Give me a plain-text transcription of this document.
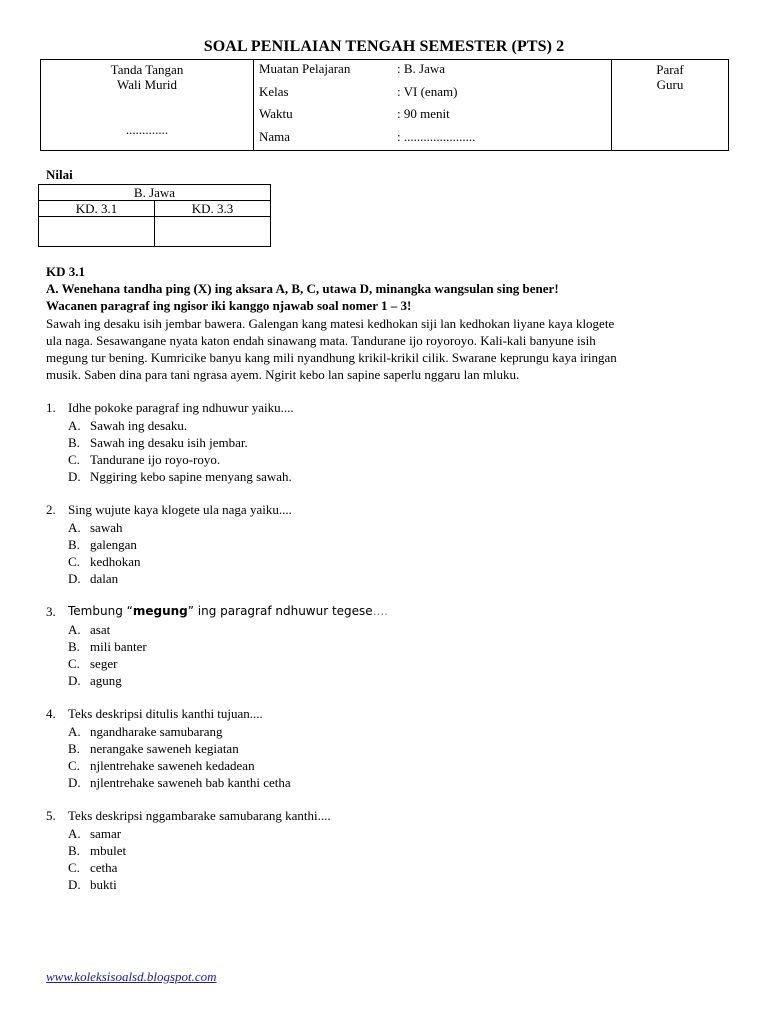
SOAL PENILAIAN TENGAH SEMESTER (PTS) 2
Tanda Tangan
Wali Murid
.............

Muatan Pelajaran	: B. Jawa
Kelas	: VI (enam)
Waktu	: 90 menit
Nama	: ......................

Paraf
Guru
Nilai
B. Jawa	
KD. 3.1	KD. 3.3

KD 3.1
A. Wenehana tandha ping (X) ing aksara A, B, C, utawa D, minangka wangsulan sing bener!
Wacanen paragraf ing ngisor iki kanggo njawab soal nomer 1 – 3!
Sawah ing desaku isih jembar bawera. Galengan kang matesi kedhokan siji lan kedhokan liyane kaya klogete
ula naga. Sesawangane nyata katon endah sinawang mata. Tandurane ijo royoroyo. Kali-kali banyune isih
megung tur bening. Kumricike banyu kang mili nyandhung krikil-krikil cilik. Swarane keprungu kaya iringan
musik. Saben dina para tani ngrasa ayem. Ngirit kebo lan sapine saperlu nggaru lan mluku.
1. Idhe pokoke paragraf ing ndhuwur yaiku....
A. Sawah ing desaku.
B. Sawah ing desaku isih jembar.
C. Tandurane ijo royo-royo.
D. Nggiring kebo sapine menyang sawah.
2. Sing wujute kaya klogete ula naga yaiku....
A. sawah
B. galengan
C. kedhokan
D. dalan
3.	Tembung “megung” ing paragraf ndhuwur tegese....
A. asat
B. mili banter
C. seger
D. agung
4. Teks deskripsi ditulis kanthi tujuan....
A. ngandharake samubarang
B. nerangake saweneh kegiatan
C. njlentrehake saweneh kedadean
D. njlentrehake saweneh bab kanthi cetha
5. Teks deskripsi nggambarake samubarang kanthi....
A. samar
B. mbulet
C. cetha
D. bukti
www.koleksisoalsd.blogspot.com
